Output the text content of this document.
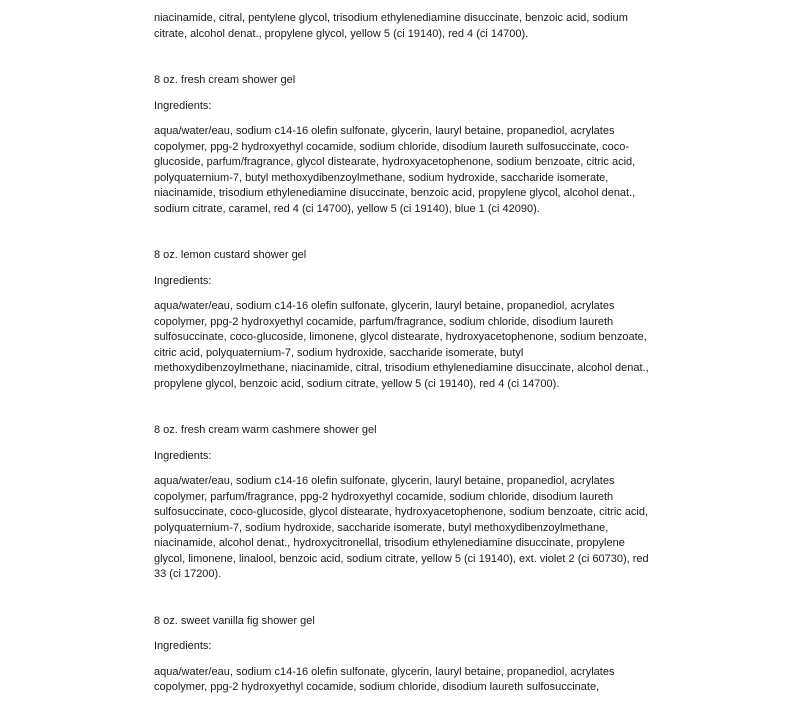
niacinamide, citral, pentylene glycol, trisodium ethylenediamine disuccinate, benzoic acid, sodium
citrate, alcohol denat., propylene glycol, yellow 5 (ci 19140), red 4 (ci 14700).

8 oz. fresh cream shower gel

Ingredients:

aqua/water/eau, sodium c14-16 olefin sulfonate, glycerin, lauryl betaine, propanediol, acrylates
copolymer, ppg-2 hydroxyethyl cocamide, sodium chloride, disodium laureth sulfosuccinate, coco-
glucoside, parfum/fragrance, glycol distearate, hydroxyacetophenone, sodium benzoate, citric acid,
polyquaternium-7, butyl methoxydibenzoylmethane, sodium hydroxide, saccharide isomerate,
niacinamide, trisodium ethylenediamine disuccinate, benzoic acid, propylene glycol, alcohol denat.,
sodium citrate, caramel, red 4 (ci 14700), yellow 5 (ci 19140), blue 1 (ci 42090).

8 oz. lemon custard shower gel

Ingredients:

aqua/water/eau, sodium c14-16 olefin sulfonate, glycerin, lauryl betaine, propanediol, acrylates
copolymer, ppg-2 hydroxyethyl cocamide, parfum/fragrance, sodium chloride, disodium laureth
sulfosuccinate, coco-glucoside, limonene, glycol distearate, hydroxyacetophenone, sodium benzoate,
citric acid, polyquaternium-7, sodium hydroxide, saccharide isomerate, butyl
methoxydibenzoylmethane, niacinamide, citral, trisodium ethylenediamine disuccinate, alcohol denat.,
propylene glycol, benzoic acid, sodium citrate, yellow 5 (ci 19140), red 4 (ci 14700).

8 oz. fresh cream warm cashmere shower gel

Ingredients:

aqua/water/eau, sodium c14-16 olefin sulfonate, glycerin, lauryl betaine, propanediol, acrylates
copolymer, parfum/fragrance, ppg-2 hydroxyethyl cocamide, sodium chloride, disodium laureth
sulfosuccinate, coco-glucoside, glycol distearate, hydroxyacetophenone, sodium benzoate, citric acid,
polyquaternium-7, sodium hydroxide, saccharide isomerate, butyl methoxydibenzoylmethane,
niacinamide, alcohol denat., hydroxycitronellal, trisodium ethylenediamine disuccinate, propylene
glycol, limonene, linalool, benzoic acid, sodium citrate, yellow 5 (ci 19140), ext. violet 2 (ci 60730), red
33 (ci 17200).

8 oz. sweet vanilla fig shower gel

Ingredients:

aqua/water/eau, sodium c14-16 olefin sulfonate, glycerin, lauryl betaine, propanediol, acrylates
copolymer, ppg-2 hydroxyethyl cocamide, sodium chloride, disodium laureth sulfosuccinate,
